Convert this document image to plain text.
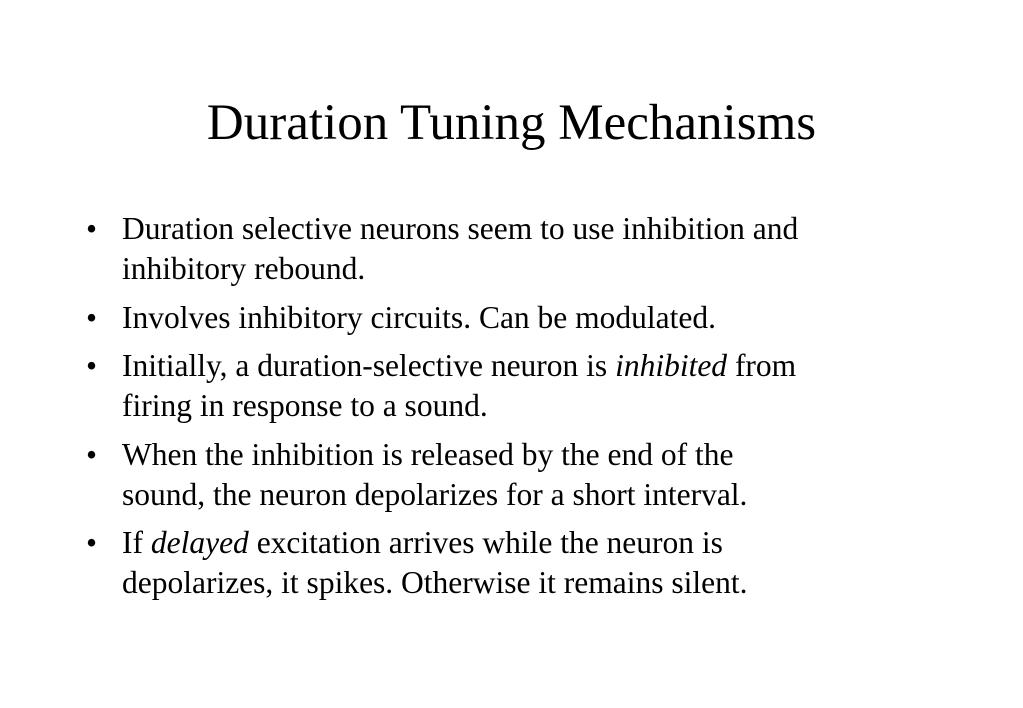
Duration Tuning Mechanisms
• Duration selective neurons seem to use inhibition and
inhibitory rebound.
• Involves inhibitory circuits. Can be modulated.
• Initially, a duration-selective neuron is inhibited from
firing in response to a sound.
• When the inhibition is released by the end of the
sound, the neuron depolarizes for a short interval.
• If delayed excitation arrives while the neuron is
depolarizes, it spikes. Otherwise it remains silent.
